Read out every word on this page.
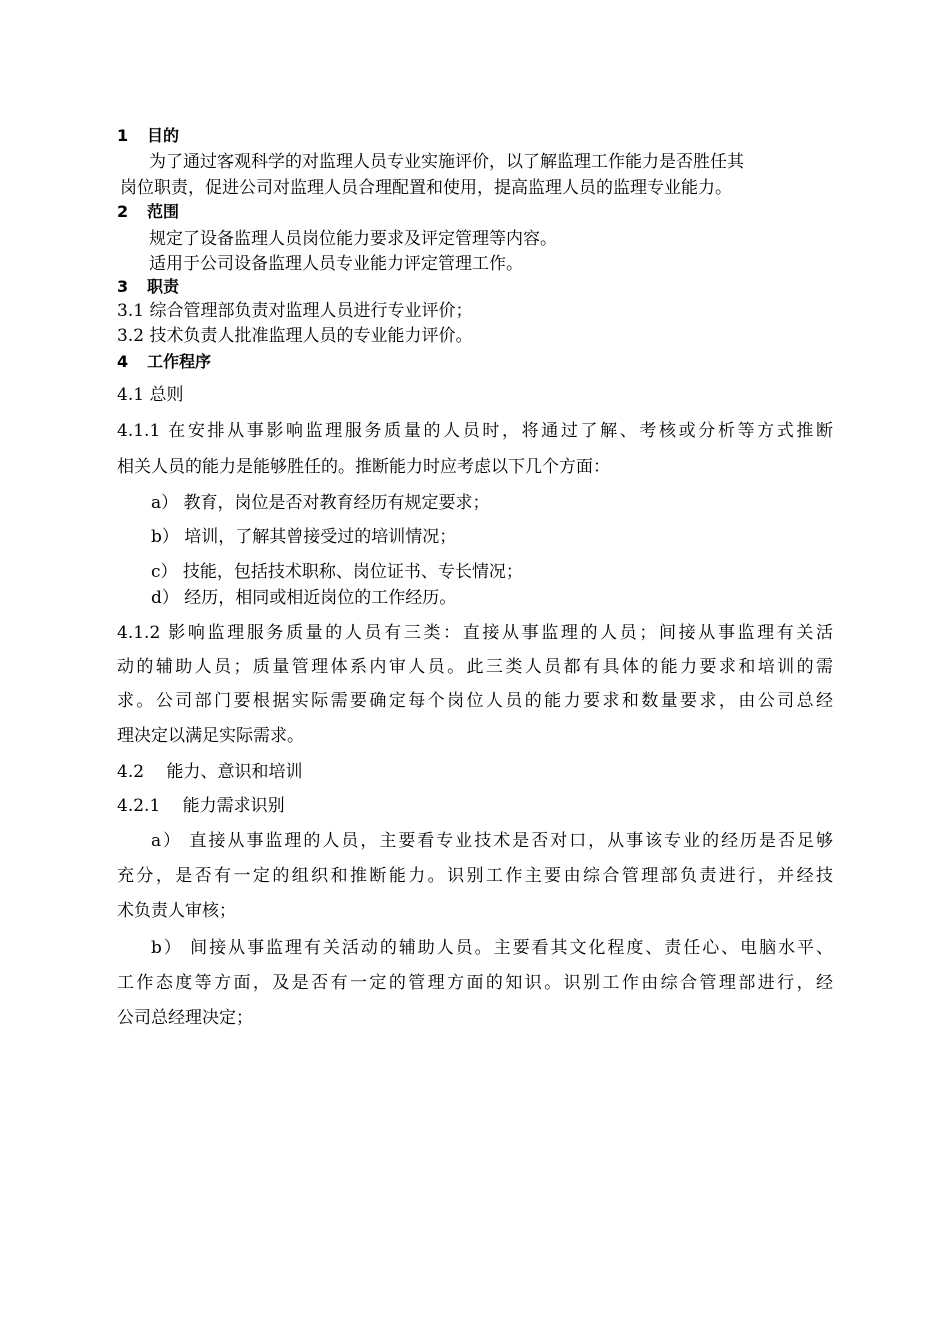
1 目的
为了通过客观科学的对监理人员专业实施评价，以了解监理工作能力是否胜任其
岗位职责，促进公司对监理人员合理配置和使用，提高监理人员的监理专业能力。
2 范围
规定了设备监理人员岗位能力要求及评定管理等内容。
适用于公司设备监理人员专业能力评定管理工作。
3 职责
3.1 综合管理部负责对监理人员进行专业评价；
3.2 技术负责人批准监理人员的专业能力评价。
4 工作程序
4.1 总则
4.1.1 在安排从事影响监理服务质量的人员时，将通过了解、考核或分析等方式推断
相关人员的能力是能够胜任的。推断能力时应考虑以下几个方面：
a） 教育，岗位是否对教育经历有规定要求；
b） 培训，了解其曾接受过的培训情况；
c） 技能，包括技术职称、岗位证书、专长情况；
d） 经历，相同或相近岗位的工作经历。
4.1.2 影响监理服务质量的人员有三类：直接从事监理的人员；间接从事监理有关活
动的辅助人员；质量管理体系内审人员。此三类人员都有具体的能力要求和培训的需
求。公司部门要根据实际需要确定每个岗位人员的能力要求和数量要求，由公司总经
理决定以满足实际需求。
4.2　 能力、意识和培训
4.2.1　 能力需求识别
a） 直接从事监理的人员，主要看专业技术是否对口，从事该专业的经历是否足够
充分，是否有一定的组织和推断能力。识别工作主要由综合管理部负责进行，并经技
术负责人审核；
b） 间接从事监理有关活动的辅助人员。主要看其文化程度、责任心、电脑水平、
工作态度等方面，及是否有一定的管理方面的知识。识别工作由综合管理部进行，经
公司总经理决定；
